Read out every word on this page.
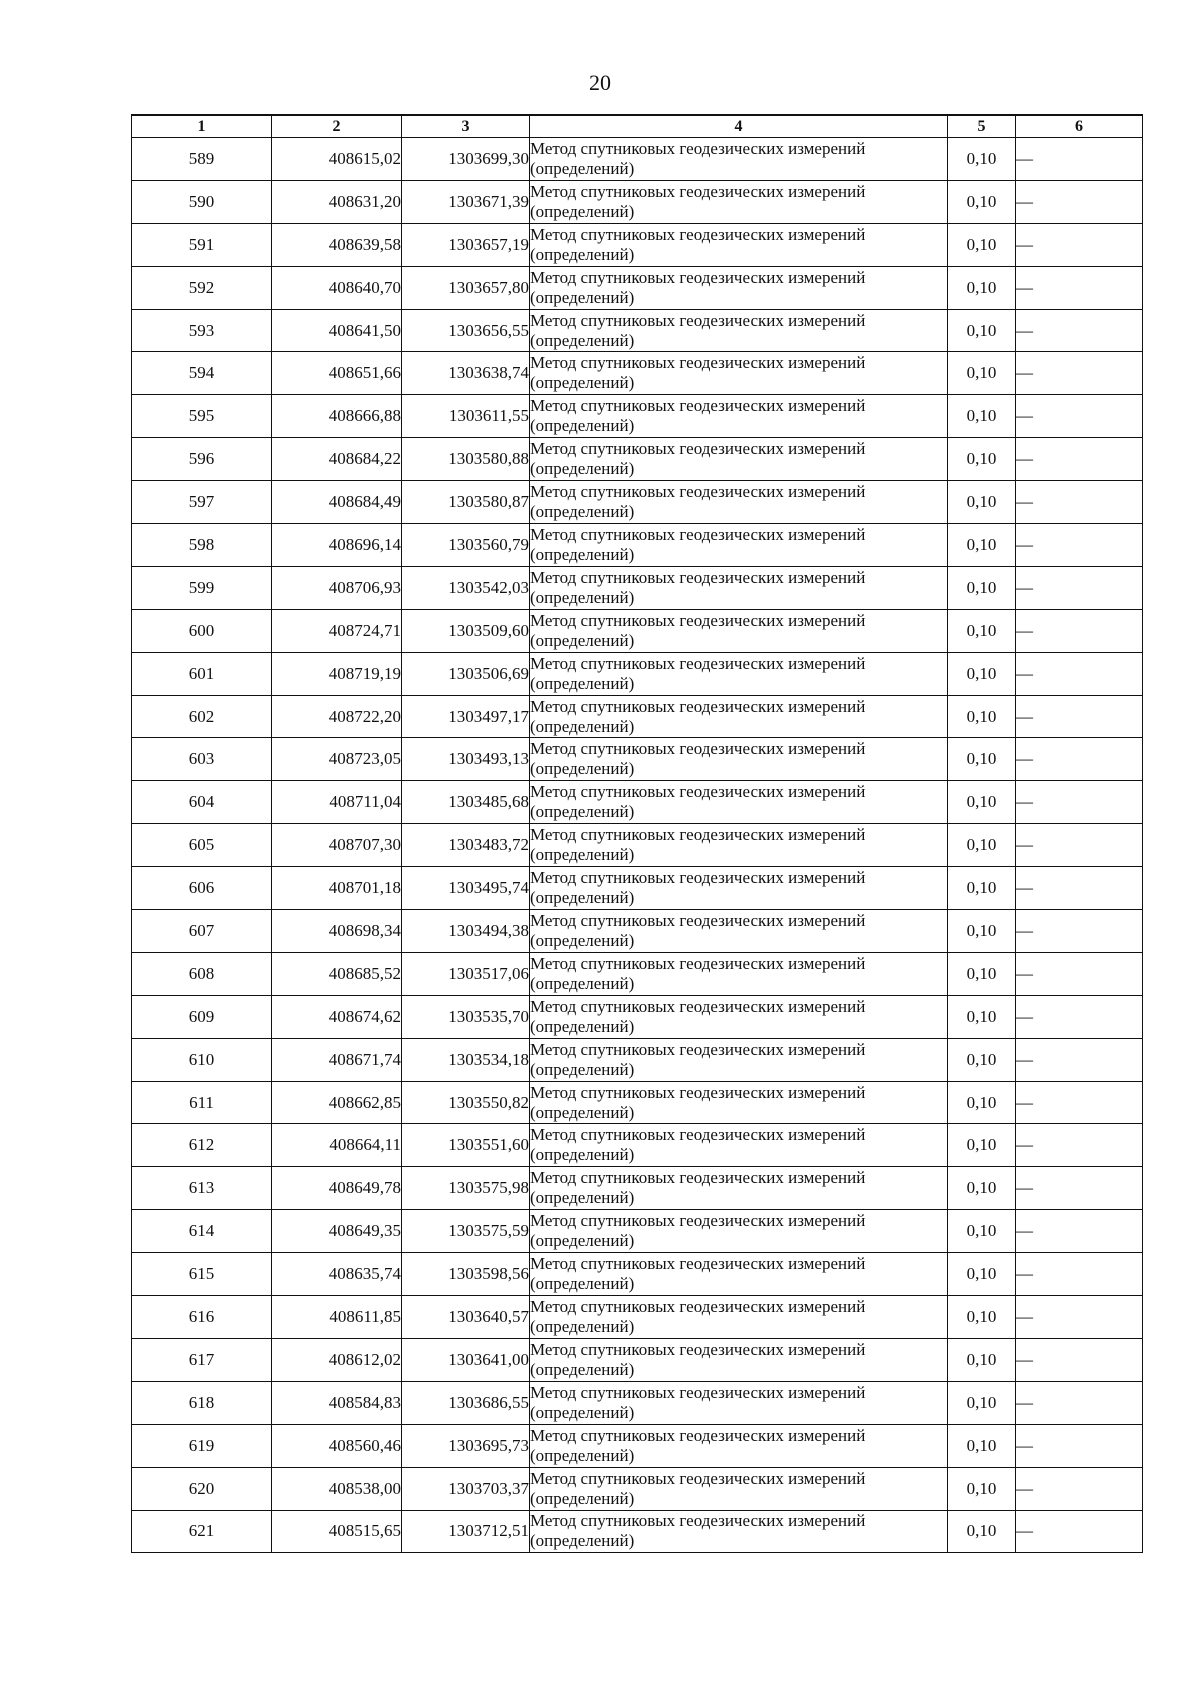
20
1	2	3	4	5	6
589	408615,02	1303699,30	Метод спутниковых геодезических измерений (определений)	0,10	—
590	408631,20	1303671,39	Метод спутниковых геодезических измерений (определений)	0,10	—
591	408639,58	1303657,19	Метод спутниковых геодезических измерений (определений)	0,10	—
592	408640,70	1303657,80	Метод спутниковых геодезических измерений (определений)	0,10	—
593	408641,50	1303656,55	Метод спутниковых геодезических измерений (определений)	0,10	—
594	408651,66	1303638,74	Метод спутниковых геодезических измерений (определений)	0,10	—
595	408666,88	1303611,55	Метод спутниковых геодезических измерений (определений)	0,10	—
596	408684,22	1303580,88	Метод спутниковых геодезических измерений (определений)	0,10	—
597	408684,49	1303580,87	Метод спутниковых геодезических измерений (определений)	0,10	—
598	408696,14	1303560,79	Метод спутниковых геодезических измерений (определений)	0,10	—
599	408706,93	1303542,03	Метод спутниковых геодезических измерений (определений)	0,10	—
600	408724,71	1303509,60	Метод спутниковых геодезических измерений (определений)	0,10	—
601	408719,19	1303506,69	Метод спутниковых геодезических измерений (определений)	0,10	—
602	408722,20	1303497,17	Метод спутниковых геодезических измерений (определений)	0,10	—
603	408723,05	1303493,13	Метод спутниковых геодезических измерений (определений)	0,10	—
604	408711,04	1303485,68	Метод спутниковых геодезических измерений (определений)	0,10	—
605	408707,30	1303483,72	Метод спутниковых геодезических измерений (определений)	0,10	—
606	408701,18	1303495,74	Метод спутниковых геодезических измерений (определений)	0,10	—
607	408698,34	1303494,38	Метод спутниковых геодезических измерений (определений)	0,10	—
608	408685,52	1303517,06	Метод спутниковых геодезических измерений (определений)	0,10	—
609	408674,62	1303535,70	Метод спутниковых геодезических измерений (определений)	0,10	—
610	408671,74	1303534,18	Метод спутниковых геодезических измерений (определений)	0,10	—
611	408662,85	1303550,82	Метод спутниковых геодезических измерений (определений)	0,10	—
612	408664,11	1303551,60	Метод спутниковых геодезических измерений (определений)	0,10	—
613	408649,78	1303575,98	Метод спутниковых геодезических измерений (определений)	0,10	—
614	408649,35	1303575,59	Метод спутниковых геодезических измерений (определений)	0,10	—
615	408635,74	1303598,56	Метод спутниковых геодезических измерений (определений)	0,10	—
616	408611,85	1303640,57	Метод спутниковых геодезических измерений (определений)	0,10	—
617	408612,02	1303641,00	Метод спутниковых геодезических измерений (определений)	0,10	—
618	408584,83	1303686,55	Метод спутниковых геодезических измерений (определений)	0,10	—
619	408560,46	1303695,73	Метод спутниковых геодезических измерений (определений)	0,10	—
620	408538,00	1303703,37	Метод спутниковых геодезических измерений (определений)	0,10	—
621	408515,65	1303712,51	Метод спутниковых геодезических измерений (определений)	0,10	—
